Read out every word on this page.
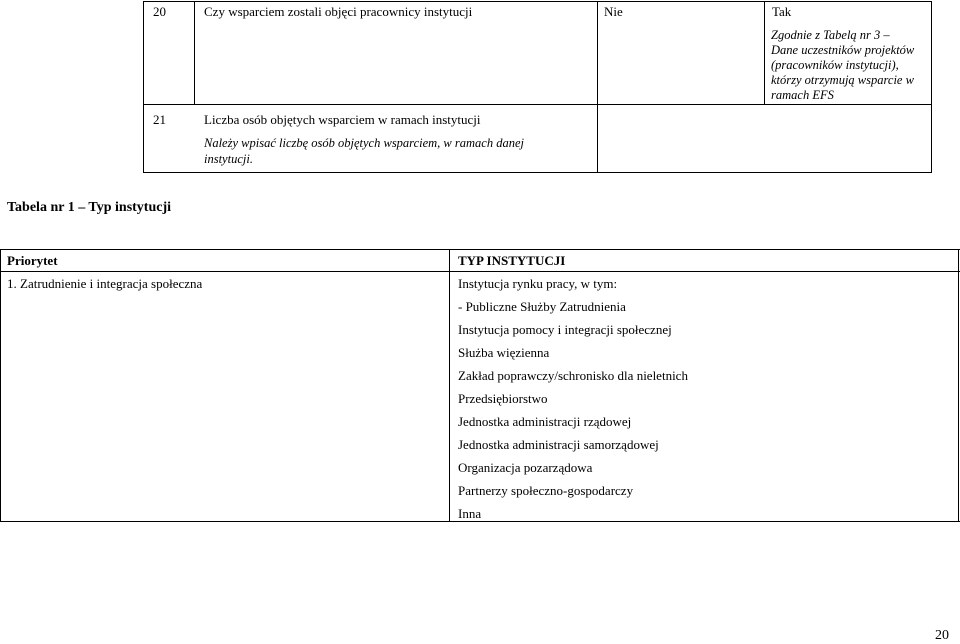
20	Czy wsparciem zostali objęci pracownicy instytucji	Nie	Tak
Zgodnie z Tabelą nr 3 –
Dane uczestników projektów
(pracowników instytucji),
którzy otrzymują wsparcie w
ramach EFS
21	Liczba osób objętych wsparciem w ramach instytucji
Należy wpisać liczbę osób objętych wsparciem, w ramach danej
instytucji.
Tabela nr 1 – Typ instytucji
Priorytet	TYP INSTYTUCJI
1. Zatrudnienie i integracja społeczna	Instytucja rynku pracy, w tym:
- Publiczne Służby Zatrudnienia
Instytucja pomocy i integracji społecznej
Służba więzienna
Zakład poprawczy/schronisko dla nieletnich
Przedsiębiorstwo
Jednostka administracji rządowej
Jednostka administracji samorządowej
Organizacja pozarządowa
Partnerzy społeczno-gospodarczy
Inna
20
